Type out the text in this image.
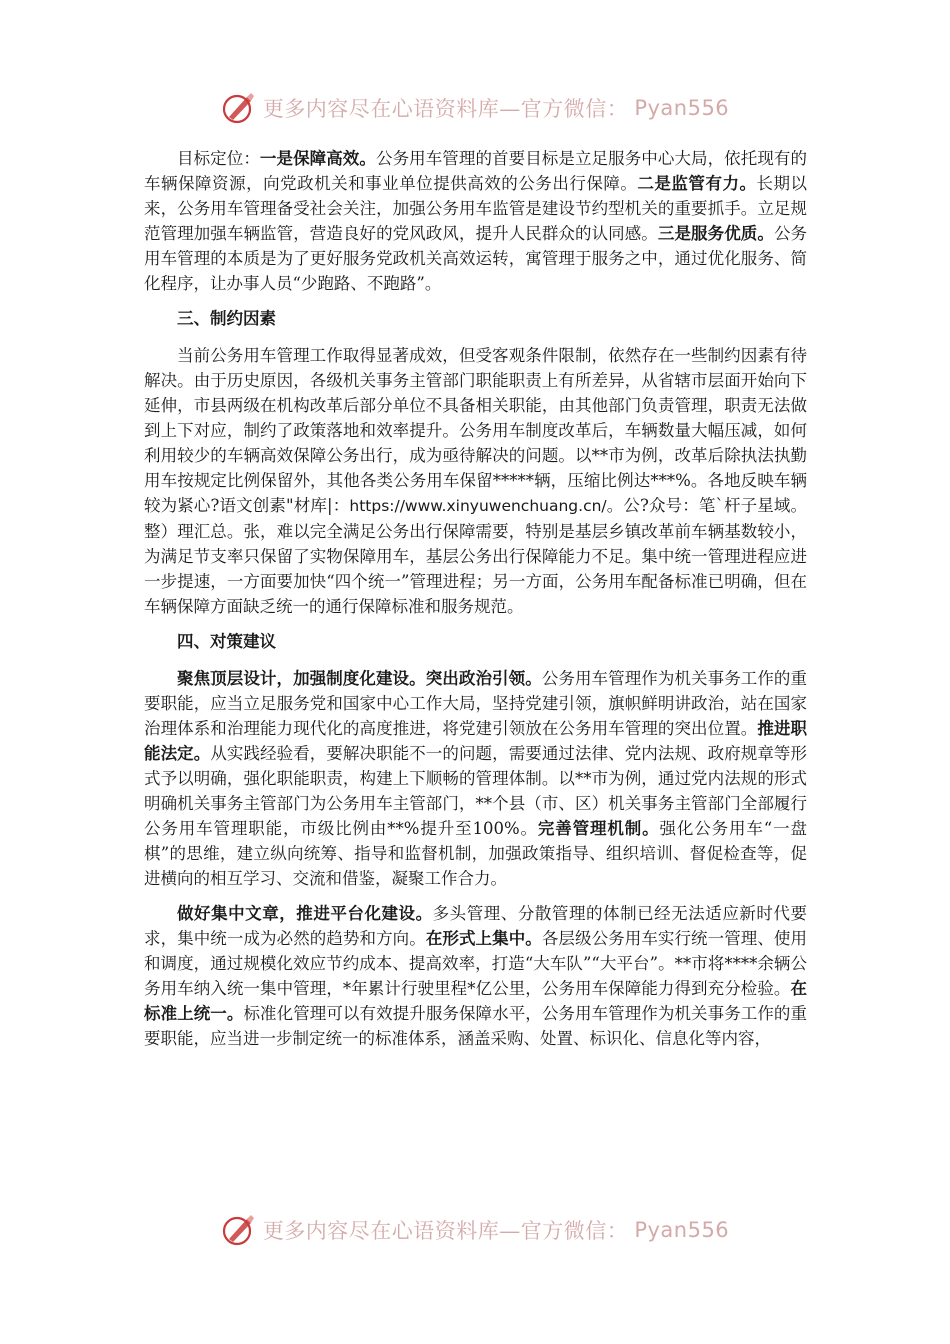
更多内容尽在心语资料库—官方微信： Pyan556

目标定位：一是保障高效。公务用车管理的首要目标是立足服务中心大局，依托现有的车辆保障资源，向党政机关和事业单位提供高效的公务出行保障。二是监管有力。长期以来，公务用车管理备受社会关注，加强公务用车监管是建设节约型机关的重要抓手。立足规范管理加强车辆监管，营造良好的党风政风，提升人民群众的认同感。三是服务优质。公务用车管理的本质是为了更好服务党政机关高效运转，寓管理于服务之中，通过优化服务、简化程序，让办事人员“少跑路、不跑路”。

三、制约因素

当前公务用车管理工作取得显著成效，但受客观条件限制，依然存在一些制约因素有待解决。由于历史原因，各级机关事务主管部门职能职责上有所差异，从省辖市层面开始向下延伸，市县两级在机构改革后部分单位不具备相关职能，由其他部门负责管理，职责无法做到上下对应，制约了政策落地和效率提升。公务用车制度改革后，车辆数量大幅压减，如何利用较少的车辆高效保障公务出行，成为亟待解决的问题。以**市为例，改革后除执法执勤用车按规定比例保留外，其他各类公务用车保留*****辆，压缩比例达***%。各地反映车辆较为紧心?语文创素"材库|：https://www.xinyuwenchuang.cn/。公?众号：笔`杆子星域。整）理汇总。张，难以完全满足公务出行保障需要，特别是基层乡镇改革前车辆基数较小，为满足节支率只保留了实物保障用车，基层公务出行保障能力不足。集中统一管理进程应进一步提速，一方面要加快“四个统一”管理进程；另一方面，公务用车配备标准已明确，但在车辆保障方面缺乏统一的通行保障标准和服务规范。

四、对策建议

聚焦顶层设计，加强制度化建设。突出政治引领。公务用车管理作为机关事务工作的重要职能，应当立足服务党和国家中心工作大局，坚持党建引领，旗帜鲜明讲政治，站在国家治理体系和治理能力现代化的高度推进，将党建引领放在公务用车管理的突出位置。推进职能法定。从实践经验看，要解决职能不一的问题，需要通过法律、党内法规、政府规章等形式予以明确，强化职能职责，构建上下顺畅的管理体制。以**市为例，通过党内法规的形式明确机关事务主管部门为公务用车主管部门，**个县（市、区）机关事务主管部门全部履行公务用车管理职能，市级比例由**%提升至100%。完善管理机制。强化公务用车“一盘棋”的思维，建立纵向统筹、指导和监督机制，加强政策指导、组织培训、督促检查等，促进横向的相互学习、交流和借鉴，凝聚工作合力。

做好集中文章，推进平台化建设。多头管理、分散管理的体制已经无法适应新时代要求，集中统一成为必然的趋势和方向。在形式上集中。各层级公务用车实行统一管理、使用和调度，通过规模化效应节约成本、提高效率，打造“大车队”“大平台”。**市将****余辆公务用车纳入统一集中管理，*年累计行驶里程*亿公里，公务用车保障能力得到充分检验。在标准上统一。标准化管理可以有效提升服务保障水平，公务用车管理作为机关事务工作的重要职能，应当进一步制定统一的标准体系，涵盖采购、处置、标识化、信息化等内容，

更多内容尽在心语资料库—官方微信： Pyan556
